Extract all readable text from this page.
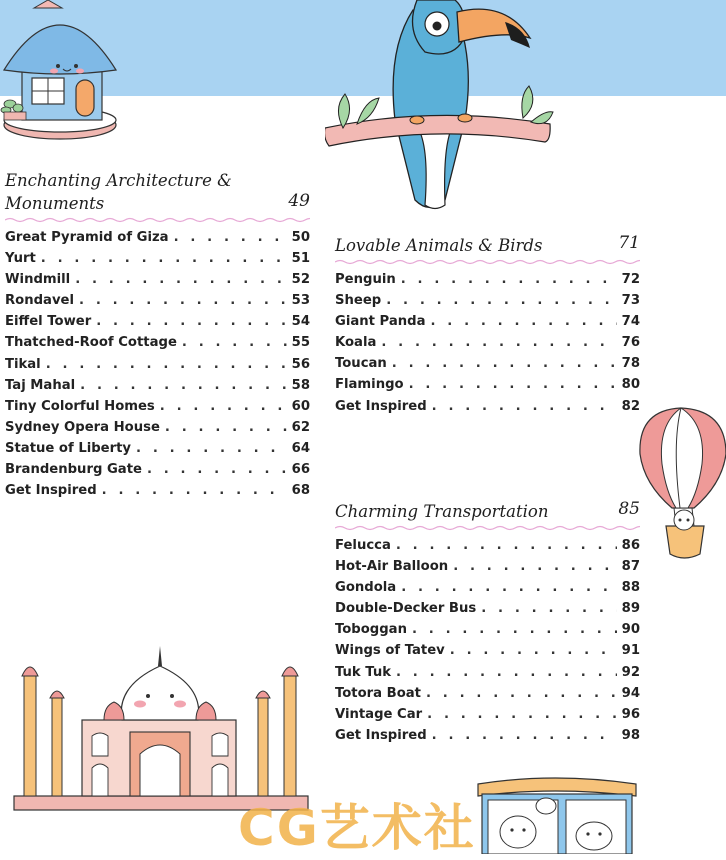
Enchanting Architecture & Monuments	49
Great Pyramid of Giza . . .	50
Yurt . . .	51
Windmill . . .	52
Rondavel . . .	53
Eiffel Tower . . .	54
Thatched-Roof Cottage . . .	55
Tikal . . .	56
Taj Mahal . . .	58
Tiny Colorful Homes . . .	60
Sydney Opera House . . .	62
Statue of Liberty . . .	64
Brandenburg Gate . . .	66
Get Inspired . . .	68
Lovable Animals & Birds	71
Penguin . . .	72
Sheep . . .	73
Giant Panda . . .	74
Koala . . .	76
Toucan . . .	78
Flamingo . . .	80
Get Inspired . . .	82
Charming Transportation	85
Felucca . . .	86
Hot-Air Balloon . . .	87
Gondola . . .	88
Double-Decker Bus . . .	89
Toboggan . . .	90
Wings of Tatev . . .	91
Tuk Tuk . . .	92
Totora Boat . . .	94
Vintage Car . . .	96
Get Inspired . . .	98
CG艺术社
